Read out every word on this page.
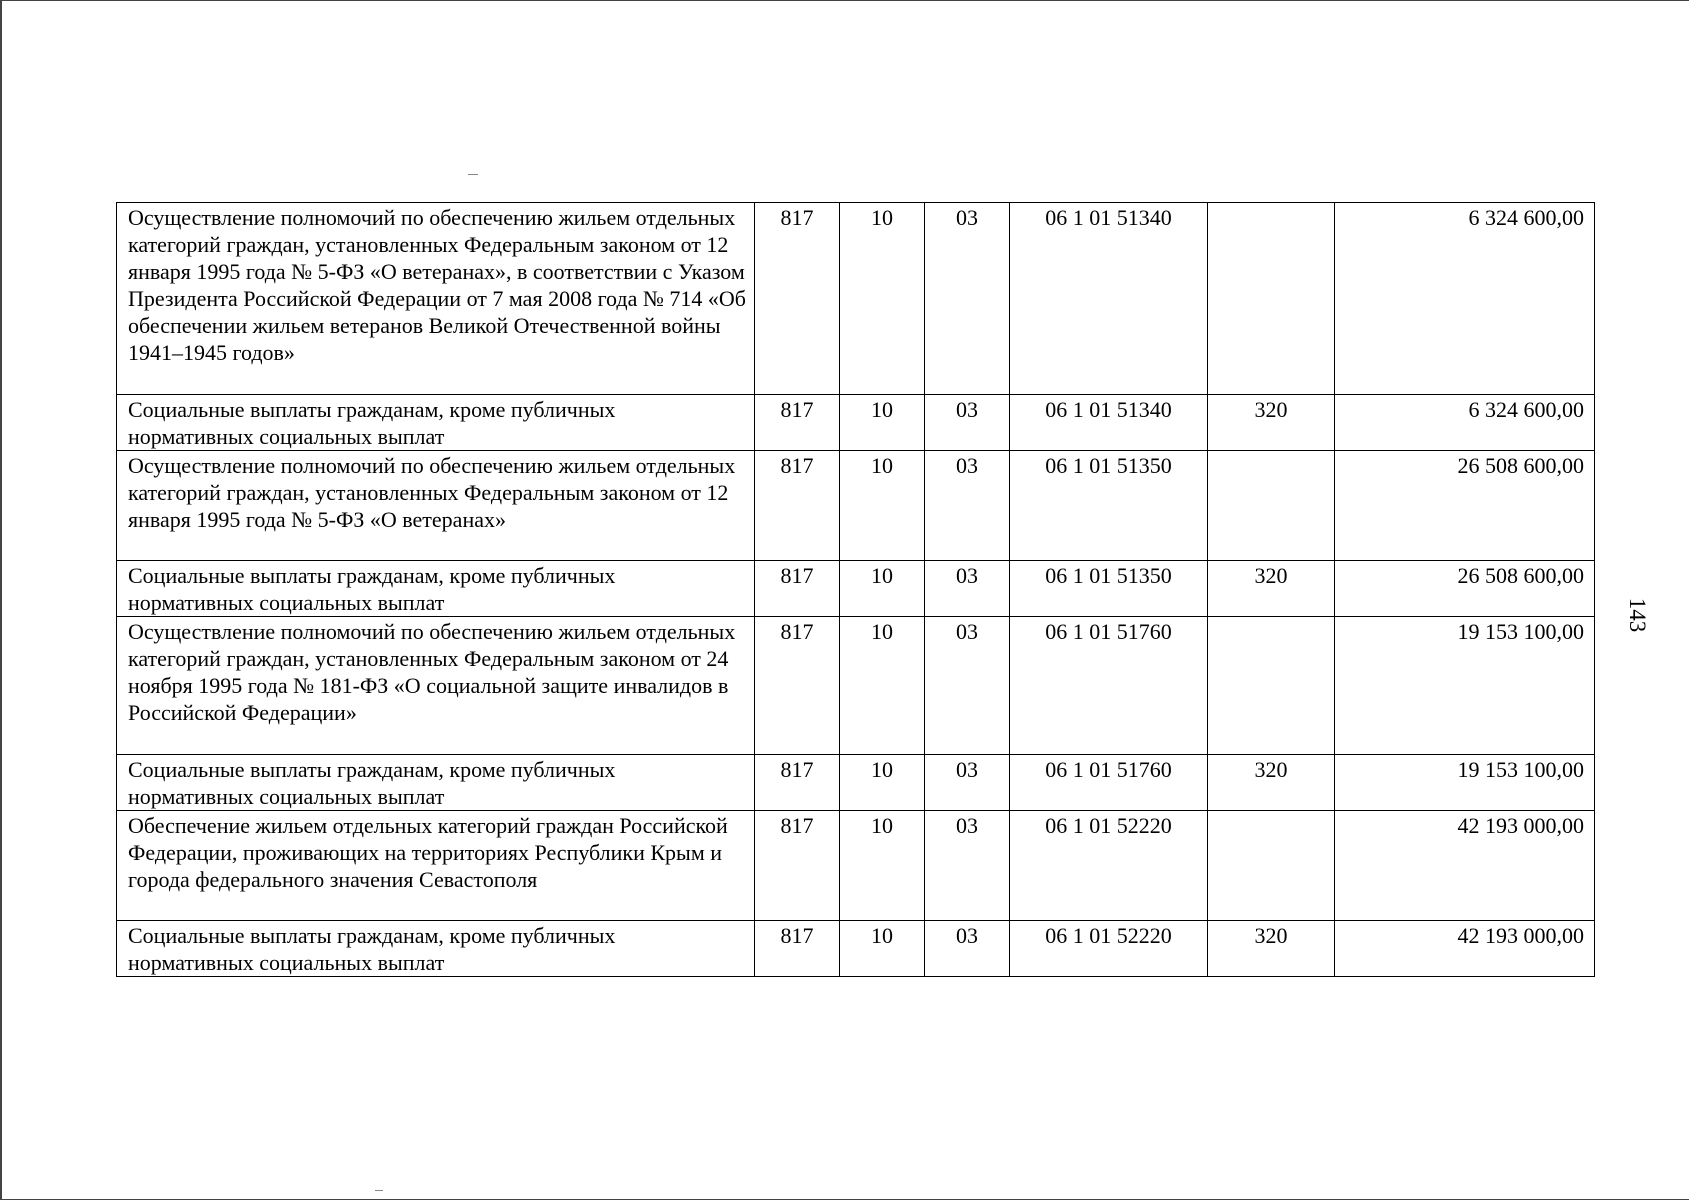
Осуществление полномочий по обеспечению жильем отдельных категорий граждан, установленных Федеральным законом от 12 января 1995 года № 5-ФЗ «О ветеранах», в соответствии с Указом Президента Российской Федерации от 7 мая 2008 года № 714 «Об обеспечении жильем ветеранов Великой Отечественной войны 1941–1945 годов»	817	10	03	06 1 01 51340		6 324 600,00
Социальные выплаты гражданам, кроме публичных нормативных социальных выплат	817	10	03	06 1 01 51340	320	6 324 600,00
Осуществление полномочий по обеспечению жильем отдельных категорий граждан, установленных Федеральным законом от 12 января 1995 года № 5-ФЗ «О ветеранах»	817	10	03	06 1 01 51350		26 508 600,00
Социальные выплаты гражданам, кроме публичных нормативных социальных выплат	817	10	03	06 1 01 51350	320	26 508 600,00
Осуществление полномочий по обеспечению жильем отдельных категорий граждан, установленных Федеральным законом от 24 ноября 1995 года № 181-ФЗ «О социальной защите инвалидов в Российской Федерации»	817	10	03	06 1 01 51760		19 153 100,00
Социальные выплаты гражданам, кроме публичных нормативных социальных выплат	817	10	03	06 1 01 51760	320	19 153 100,00
Обеспечение жильем отдельных категорий граждан Российской Федерации, проживающих на территориях Республики Крым и города федерального значения Севастополя	817	10	03	06 1 01 52220		42 193 000,00
Социальные выплаты гражданам, кроме публичных нормативных социальных выплат	817	10	03	06 1 01 52220	320	42 193 000,00
143
